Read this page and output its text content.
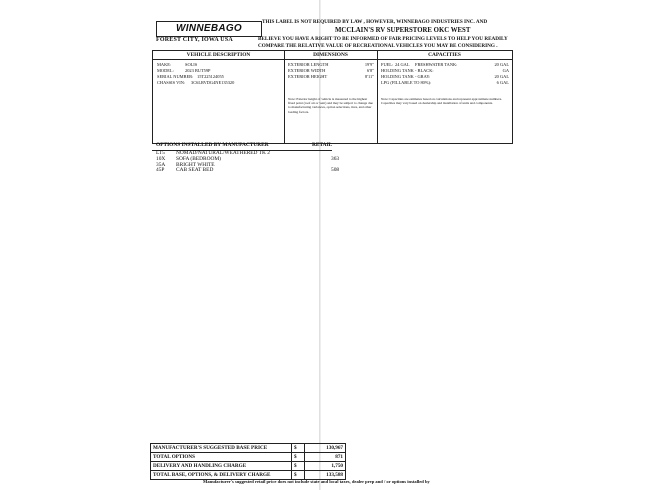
WINNEBAGO
FOREST CITY, IOWA USA
THIS LABEL IS NOT REQUIRED BY LAW , HOWEVER, WINNEBAGO INDUSTRIES INC. AND
MCCLAIN'S RV SUPERSTORE OKC WEST
BELIEVE YOU HAVE A RIGHT TO BE INFORMED OF FAIR PRICING LEVELS TO HELP YOU READILY
COMPARE THE RELATIVE VALUE OF RECREATIONAL VEHICLES YOU MAY BE CONSIDERING .
VEHICLE DESCRIPTION
MAKE:	SOLIS
MODEL:	2023 BUT59P
SERIAL NUMBER: 15T225124055
CHASSIS VIN: 3C6LRVDG4NE135320
DIMENSIONS
EXTERIOR LENGTH	19'9"
EXTERIOR WIDTH	6'8"
EXTERIOR HEIGHT	8'11"
Note: Exterior height of vehicle is measured to the highest fixed point (roof air or vent) and may be subject to change due to manufacturing variances, option selections, tires, and other loading factors.
CAPACITIES
FUEL: 24 GAL	FRESHWATER TANK:	20 GAL
HOLDING TANK - BLACK:	GA
HOLDING TANK - GRAY:	20 GAL
LPG (FILLABLE TO 80%):	6 GAL
Note: Capacities are estimates based on calculations and represent approximate numbers. Capacities may vary based on dealership and installation of units and components.
OPTIONS INSTALLED BY MANUFACTURER	RETAIL
LT5	NOMAD/NATURAL/WEATHERED TK 2
10X	SOFA (BEDROOM)	363
35A	BRIGHT WHITE
45P	CAB SEAT BED	508
MANUFACTURER'S SUGGESTED BASE PRICE	$	130,967
TOTAL OPTIONS	$	871
DELIVERY AND HANDLING CHARGE	$	1,750
TOTAL BASE, OPTIONS, & DELIVERY CHARGE	$	133,588
Manufacturer's suggested retail price does not include state and local taxes, dealer prep and / or options installed by
